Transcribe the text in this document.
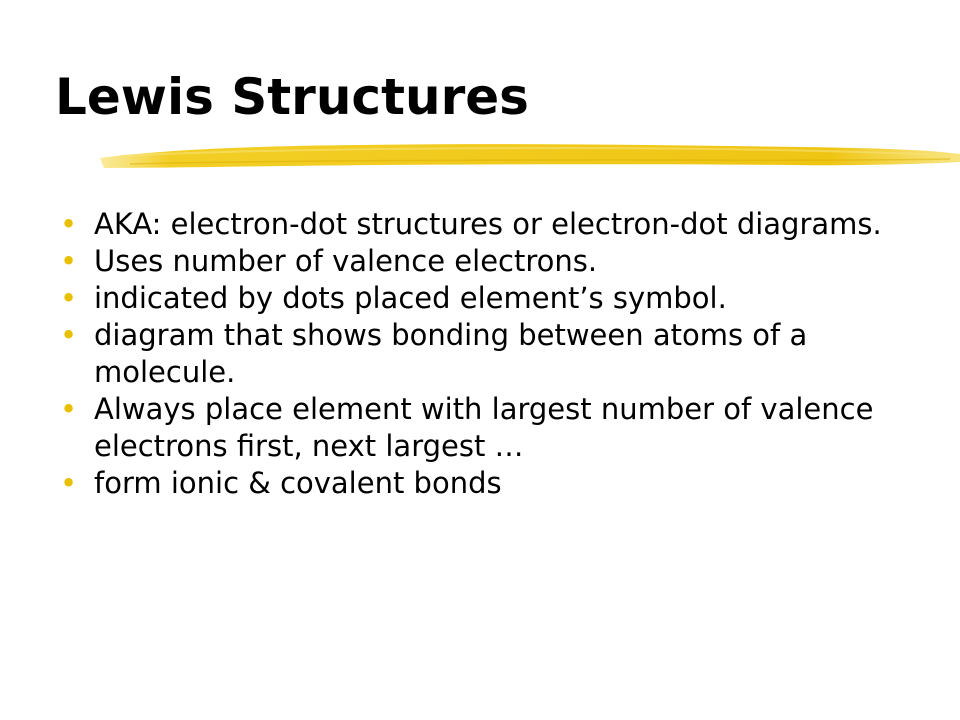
Lewis Structures
• AKA: electron-dot structures or electron-dot diagrams.
• Uses number of valence electrons.
• indicated by dots placed element’s symbol.
• diagram that shows bonding between atoms of a molecule.
• Always place element with largest number of valence electrons first, next largest …
• form ionic & covalent bonds
